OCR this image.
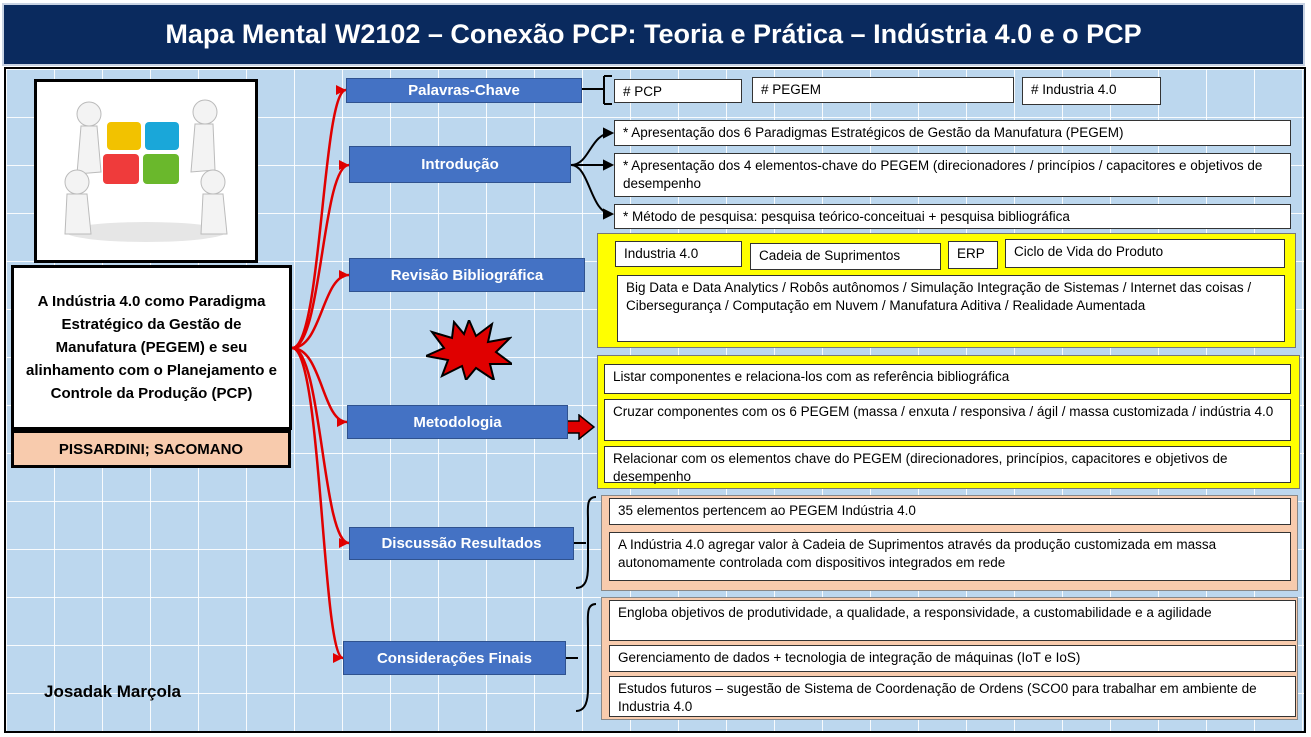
Mapa Mental W2102 – Conexão PCP: Teoria e Prática – Indústria 4.0 e o PCP
A Indústria 4.0 como Paradigma Estratégico da Gestão de Manufatura (PEGEM) e seu alinhamento com o Planejamento e Controle da Produção (PCP)
PISSARDINI; SACOMANO
Palavras-Chave
Introdução
Revisão Bibliográfica
Metodologia
Discussão Resultados
Considerações Finais
# PCP	# PEGEM	# Industria 4.0
* Apresentação dos 6 Paradigmas Estratégicos de Gestão da Manufatura (PEGEM)
* Apresentação dos 4 elementos-chave do PEGEM (direcionadores / princípios / capacitores e objetivos de desempenho
* Método de pesquisa: pesquisa teórico-conceituai + pesquisa bibliográfica
Industria 4.0	Cadeia de Suprimentos	ERP	Ciclo de Vida do Produto
Big Data e Data Analytics / Robôs autônomos / Simulação Integração de Sistemas / Internet das coisas / Cibersegurança / Computação em Nuvem / Manufatura Aditiva / Realidade Aumentada
Listar componentes e relaciona-los com as referência bibliográfica
Cruzar componentes com os 6 PEGEM (massa / enxuta / responsiva / ágil / massa customizada / indústria 4.0
Relacionar com os elementos chave do PEGEM (direcionadores, princípios, capacitores e objetivos de desempenho
35 elementos pertencem ao PEGEM Indústria 4.0
A Indústria 4.0 agregar valor à Cadeia de Suprimentos através da produção customizada em massa autonomamente controlada com dispositivos integrados em rede
Engloba objetivos de produtividade, a qualidade, a responsividade, a customabilidade e a agilidade
Gerenciamento de dados + tecnologia de integração de máquinas (IoT e IoS)
Estudos futuros – sugestão de Sistema de Coordenação de Ordens (SCO0 para trabalhar em ambiente de Industria 4.0
Josadak Marçola
